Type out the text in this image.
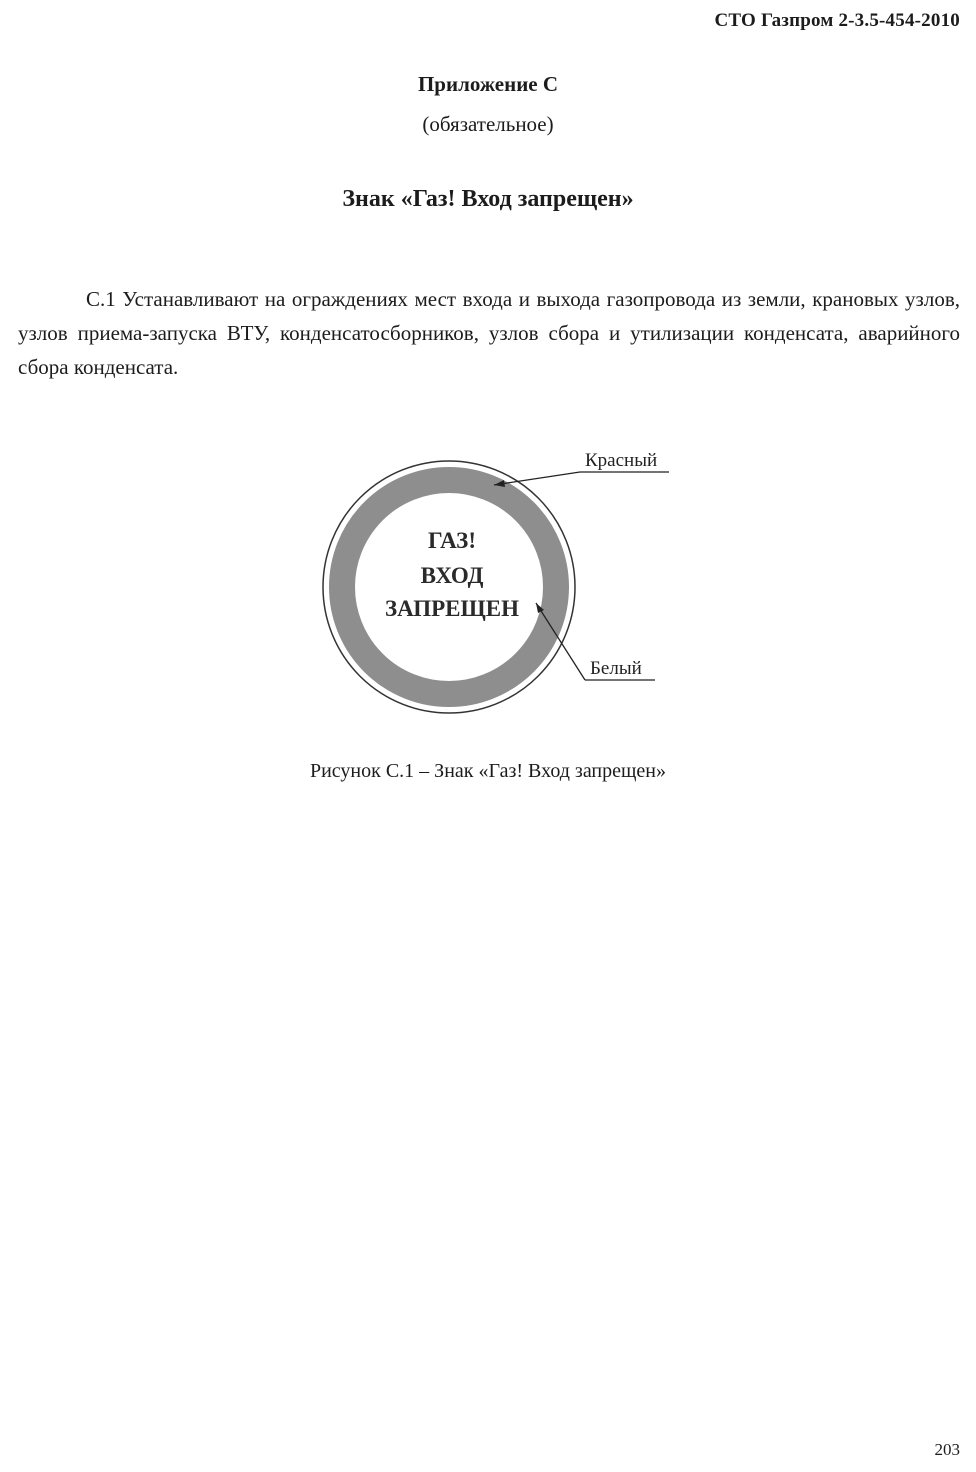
СТО Газпром 2-3.5-454-2010
Приложение С
(обязательное)
Знак «Газ! Вход запрещен»

С.1 Устанавливают на ограждениях мест входа и выхода газопровода из земли, крановых узлов, узлов приема-запуска ВТУ, конденсатосборников, узлов сбора и утилизации конденсата, аварийного сбора конденсата.

ГАЗ!
ВХОД
ЗАПРЕЩЕН
Красный
Белый
Рисунок С.1 – Знак «Газ! Вход запрещен»
203
